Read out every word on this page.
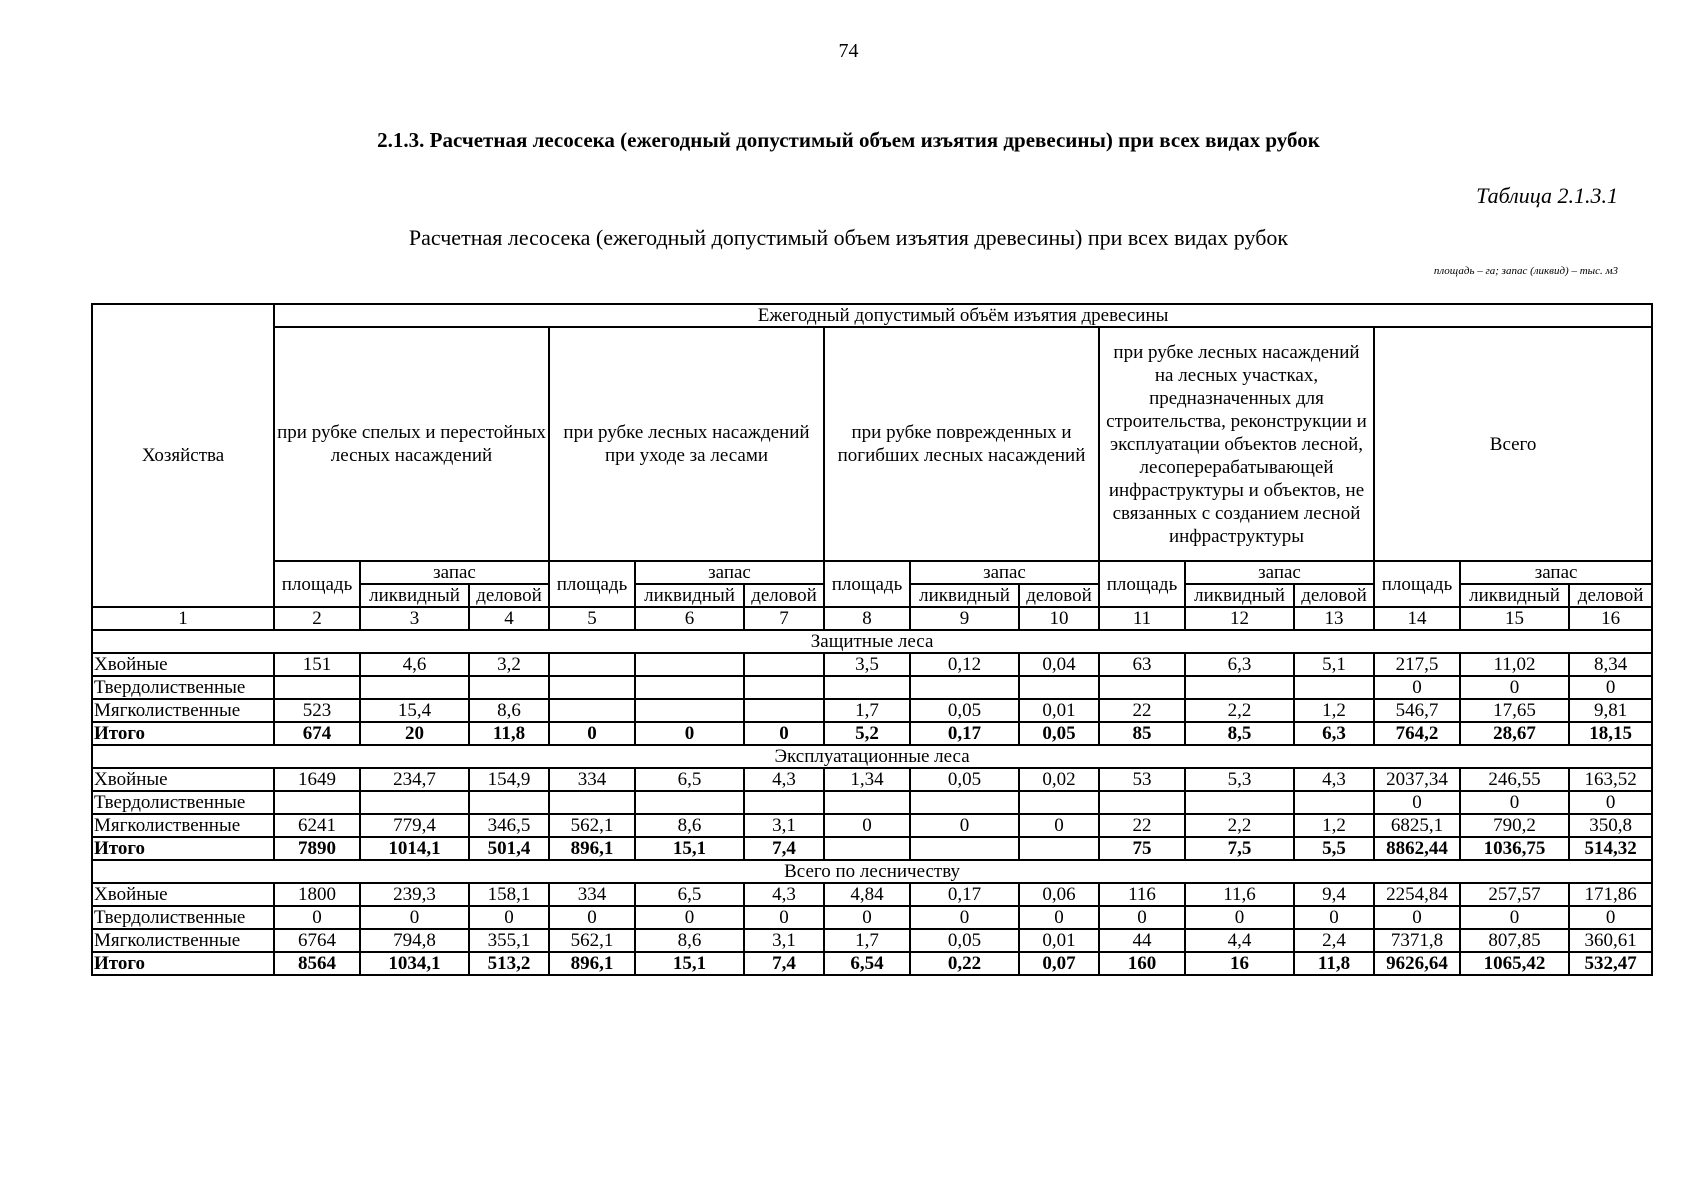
74
2.1.3. Расчетная лесосека (ежегодный допустимый объем изъятия древесины) при всех видах рубок
Таблица 2.1.3.1
Расчетная лесосека (ежегодный допустимый объем изъятия древесины) при всех видах рубок
площадь – га; запас (ликвид) – тыс. м3
Хозяйства	Ежегодный допустимый объём изъятия древесины														
	при рубке спелых и перестойных лесных насаждений			при рубке лесных насаждений при уходе за лесами			при рубке поврежденных и погибших лесных насаждений			при рубке лесных насаждений на лесных участках, предназначенных для строительства, реконструкции и эксплуатации объектов лесной, лесоперерабатывающей инфраструктуры и объектов, не связанных с созданием лесной инфраструктуры			Всего		
	площадь	запас		площадь	запас		площадь	запас		площадь	запас		площадь	запас	
		ликвидный	деловой		ликвидный	деловой		ликвидный	деловой		ликвидный	деловой		ликвидный	деловой
1	2	3	4	5	6	7	8	9	10	11	12	13	14	15	16
Защитные леса															
Хвойные	151	4,6	3,2				3,5	0,12	0,04	63	6,3	5,1	217,5	11,02	8,34
Твердолиственные													0	0	0
Мягколиственные	523	15,4	8,6				1,7	0,05	0,01	22	2,2	1,2	546,7	17,65	9,81
Итого	674	20	11,8	0	0	0	5,2	0,17	0,05	85	8,5	6,3	764,2	28,67	18,15
Эксплуатационные леса															
Хвойные	1649	234,7	154,9	334	6,5	4,3	1,34	0,05	0,02	53	5,3	4,3	2037,34	246,55	163,52
Твердолиственные													0	0	0
Мягколиственные	6241	779,4	346,5	562,1	8,6	3,1	0	0	0	22	2,2	1,2	6825,1	790,2	350,8
Итого	7890	1014,1	501,4	896,1	15,1	7,4				75	7,5	5,5	8862,44	1036,75	514,32
Всего по лесничеству															
Хвойные	1800	239,3	158,1	334	6,5	4,3	4,84	0,17	0,06	116	11,6	9,4	2254,84	257,57	171,86
Твердолиственные	0	0	0	0	0	0	0	0	0	0	0	0	0	0	0
Мягколиственные	6764	794,8	355,1	562,1	8,6	3,1	1,7	0,05	0,01	44	4,4	2,4	7371,8	807,85	360,61
Итого	8564	1034,1	513,2	896,1	15,1	7,4	6,54	0,22	0,07	160	16	11,8	9626,64	1065,42	532,47
